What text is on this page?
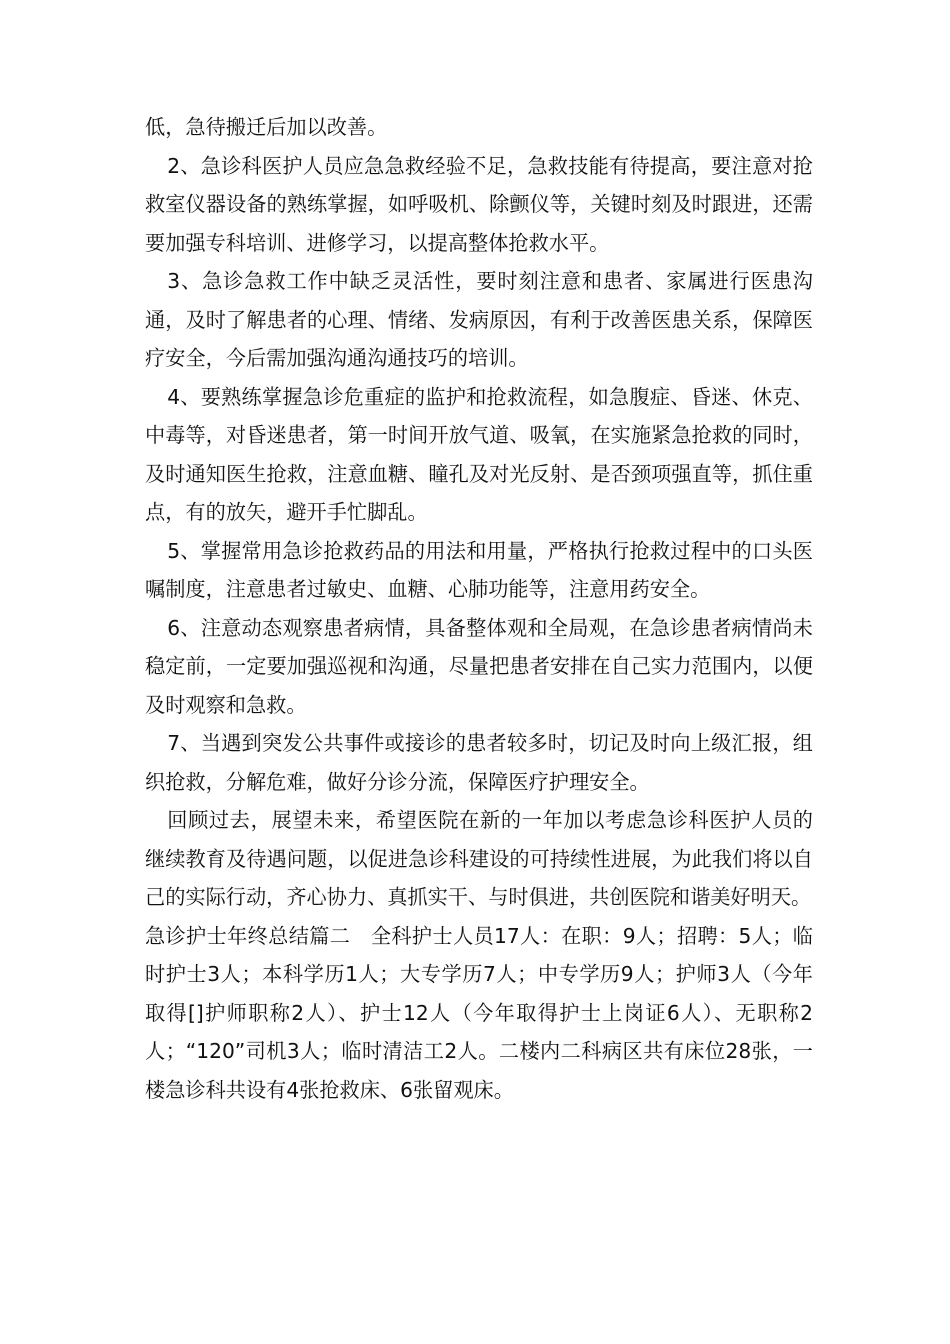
低，急待搬迁后加以改善。

2、急诊科医护人员应急急救经验不足，急救技能有待提高，要注意对抢救室仪器设备的熟练掌握，如呼吸机、除颤仪等，关键时刻及时跟进，还需要加强专科培训、进修学习，以提高整体抢救水平。

3、急诊急救工作中缺乏灵活性，要时刻注意和患者、家属进行医患沟通，及时了解患者的心理、情绪、发病原因，有利于改善医患关系，保障医疗安全，今后需加强沟通沟通技巧的培训。

4、要熟练掌握急诊危重症的监护和抢救流程，如急腹症、昏迷、休克、中毒等，对昏迷患者，第一时间开放气道、吸氧，在实施紧急抢救的同时，及时通知医生抢救，注意血糖、瞳孔及对光反射、是否颈项强直等，抓住重点，有的放矢，避开手忙脚乱。

5、掌握常用急诊抢救药品的用法和用量，严格执行抢救过程中的口头医嘱制度，注意患者过敏史、血糖、心肺功能等，注意用药安全。

6、注意动态观察患者病情，具备整体观和全局观，在急诊患者病情尚未稳定前，一定要加强巡视和沟通，尽量把患者安排在自己实力范围内，以便及时观察和急救。

7、当遇到突发公共事件或接诊的患者较多时，切记及时向上级汇报，组织抢救，分解危难，做好分诊分流，保障医疗护理安全。

回顾过去，展望未来，希望医院在新的一年加以考虑急诊科医护人员的继续教育及待遇问题，以促进急诊科建设的可持续性进展，为此我们将以自己的实际行动，齐心协力、真抓实干、与时俱进，共创医院和谐美好明天。

急诊护士年终总结篇二　全科护士人员17人：在职：9人；招聘：5人；临时护士3人；本科学历1人；大专学历7人；中专学历9人；护师3人（今年取得[]护师职称2人）、护士12人（今年取得护士上岗证6人）、无职称2人；“120”司机3人；临时清洁工2人。二楼内二科病区共有床位28张，一楼急诊科共设有4张抢救床、6张留观床。
